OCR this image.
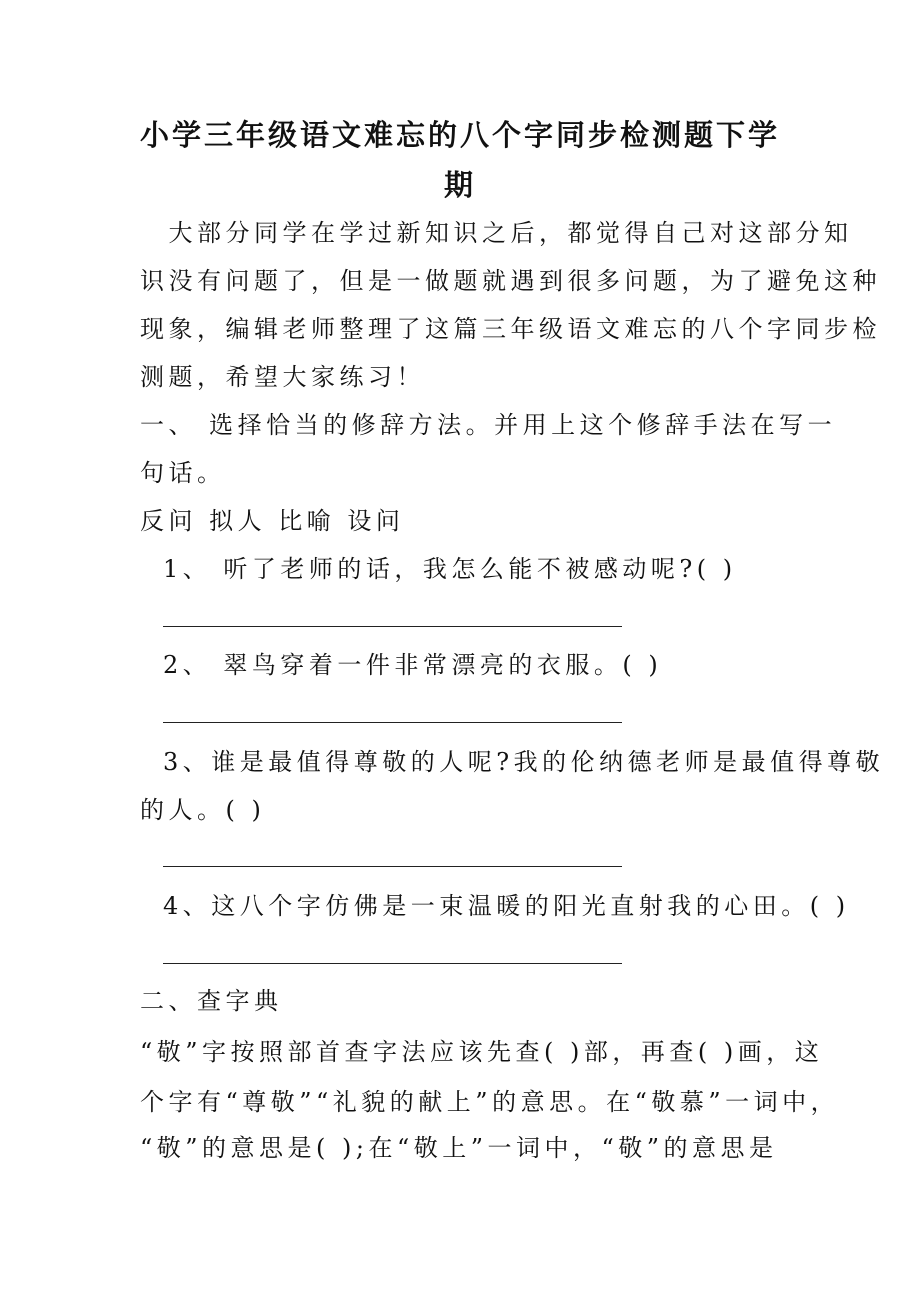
小学三年级语文难忘的八个字同步检测题下学
期
　大部分同学在学过新知识之后，都觉得自己对这部分知
识没有问题了，但是一做题就遇到很多问题，为了避免这种
现象，编辑老师整理了这篇三年级语文难忘的八个字同步检
测题，希望大家练习！
一、 选择恰当的修辞方法。并用上这个修辞手法在写一
句话。
反问 拟人 比喻 设问
1、 听了老师的话，我怎么能不被感动呢?( )
2、 翠鸟穿着一件非常漂亮的衣服。( )
3、谁是最值得尊敬的人呢?我的伦纳德老师是最值得尊敬
的人。( )
4、这八个字仿佛是一束温暖的阳光直射我的心田。( )
二、查字典
“敬”字按照部首查字法应该先查( )部，再查( )画，这
个字有“尊敬”“礼貌的献上”的意思。在“敬慕”一词中，
“敬”的意思是( );在“敬上”一词中，“敬”的意思是
